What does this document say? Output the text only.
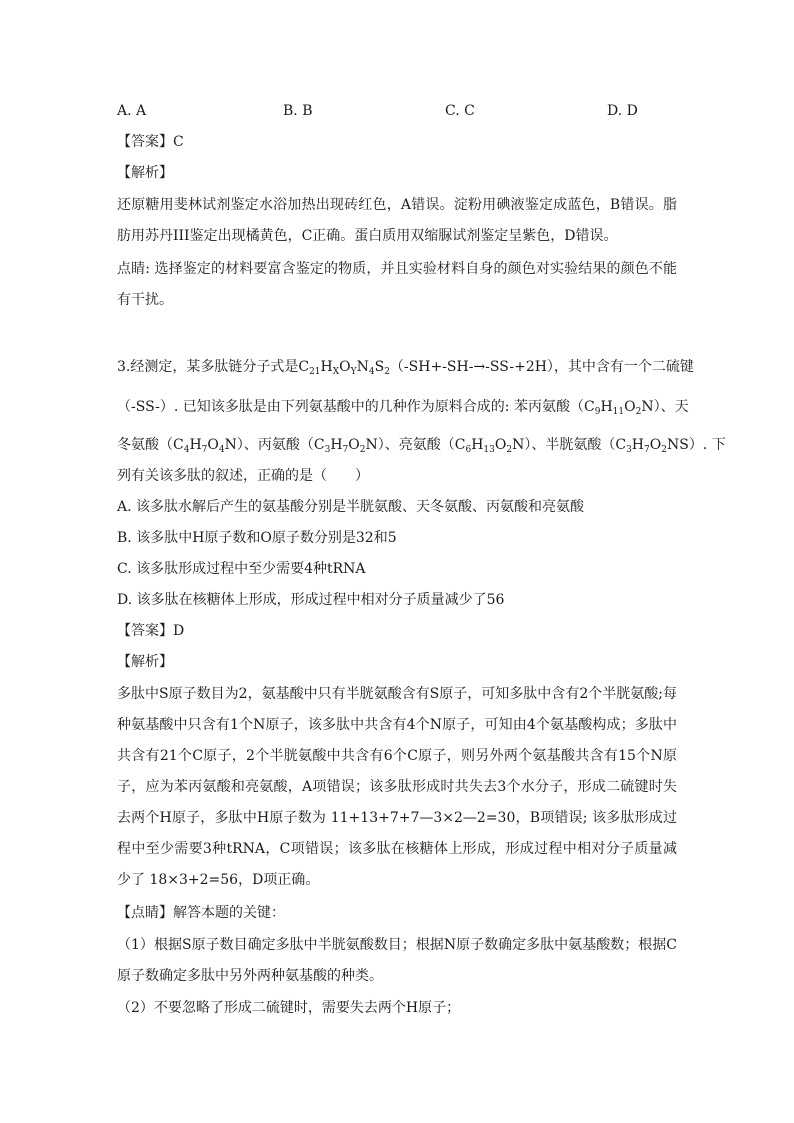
A. A	B. B	C. C	D. D
【答案】C
【解析】
还原糖用斐林试剂鉴定水浴加热出现砖红色，A错误。淀粉用碘液鉴定成蓝色，B错误。脂肪用苏丹III鉴定出现橘黄色，C正确。蛋白质用双缩脲试剂鉴定呈紫色，D错误。
点睛: 选择鉴定的材料要富含鉴定的物质，并且实验材料自身的颜色对实验结果的颜色不能有干扰。
3.经测定，某多肽链分子式是$C_{21}H_XO_YN_4S_2(-SH+-SH-\to-SS-+2H)$，其中含有一个二硫键
（-SS-）. 已知该多肽是由下列氨基酸中的几种作为原料合成的: 苯丙氨酸$(C_9H_{11}O_2N)$、天
冬氨酸$(C_4H_7O_4N)$、丙氨酸$(C_3H_7O_2N)$、亮氨酸$(C_6H_{13}O_2N)$、半胱氨酸$(C_3H_7O_2NS)$. 下
列有关该多肽的叙述，正确的是（　　）
A. 该多肽水解后产生的氨基酸分别是半胱氨酸、天冬氨酸、丙氨酸和亮氨酸
B. 该多肽中H原子数和O原子数分别是32和5
C. 该多肽形成过程中至少需要4种tRNA
D. 该多肽在核糖体上形成，形成过程中相对分子质量减少了56
【答案】D
【解析】
多肽中S原子数目为2，氨基酸中只有半胱氨酸含有S原子，可知多肽中含有2个半胱氨酸;每种氨基酸中只含有1个N原子，该多肽中共含有4个N原子，可知由4个氨基酸构成；多肽中共含有21个C原子，2个半胱氨酸中共含有6个C原子，则另外两个氨基酸共含有15个N原子，应为苯丙氨酸和亮氨酸，A项错误；该多肽形成时共失去3个水分子，形成二硫键时失去两个H原子，多肽中H原子数为 11+13+7+7—3×2—2=30，B项错误; 该多肽形成过程中至少需要3种tRNA，C项错误；该多肽在核糖体上形成，形成过程中相对分子质量减少了 18×3+2=56，D项正确。
【点睛】解答本题的关键：
（1）根据S原子数目确定多肽中半胱氨酸数目；根据N原子数确定多肽中氨基酸数；根据C原子数确定多肽中另外两种氨基酸的种类。
（2）不要忽略了形成二硫键时，需要失去两个H原子；
